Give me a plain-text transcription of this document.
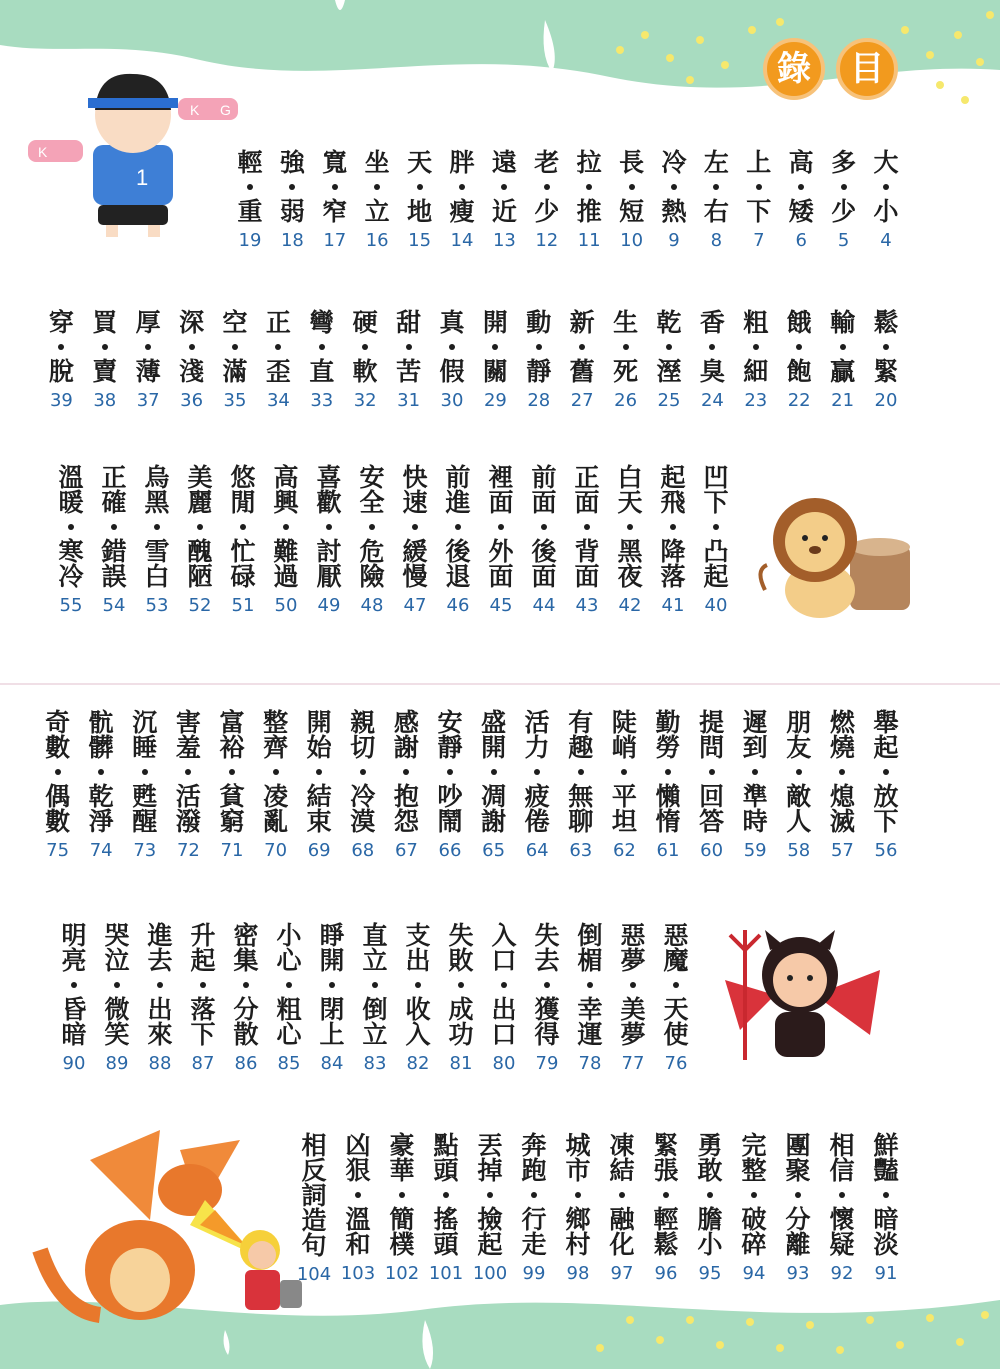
錄	目
K
K G
1
大
小
4
多
少
5
高
矮
6
上
下
7
左
右
8
冷
熱
9
長
短
10
拉
推
11
老
少
12
遠
近
13
胖
瘦
14
天
地
15
坐
立
16
寬
窄
17
強
弱
18
輕
重
19
鬆
緊
20
輸
贏
21
餓
飽
22
粗
細
23
香
臭
24
乾
溼
25
生
死
26
新
舊
27
動
靜
28
開
關
29
真
假
30
甜
苦
31
硬
軟
32
彎
直
33
正
歪
34
空
滿
35
深
淺
36
厚
薄
37
買
賣
38
穿
脫
39
凹
下
凸
起
40
起
飛
降
落
41
白
天
黑
夜
42
正
面
背
面
43
前
面
後
面
44
裡
面
外
面
45
前
進
後
退
46
快
速
緩
慢
47
安
全
危
險
48
喜
歡
討
厭
49
高
興
難
過
50
悠
閒
忙
碌
51
美
麗
醜
陋
52
烏
黑
雪
白
53
正
確
錯
誤
54
溫
暖
寒
冷
55
舉
起
放
下
56
燃
燒
熄
滅
57
朋
友
敵
人
58
遲
到
準
時
59
提
問
回
答
60
勤
勞
懶
惰
61
陡
峭
平
坦
62
有
趣
無
聊
63
活
力
疲
倦
64
盛
開
凋
謝
65
安
靜
吵
鬧
66
感
謝
抱
怨
67
親
切
冷
漠
68
開
始
結
束
69
整
齊
凌
亂
70
富
裕
貧
窮
71
害
羞
活
潑
72
沉
睡
甦
醒
73
骯
髒
乾
淨
74
奇
數
偶
數
75
惡
魔
天
使
76
惡
夢
美
夢
77
倒
楣
幸
運
78
失
去
獲
得
79
入
口
出
口
80
失
敗
成
功
81
支
出
收
入
82
直
立
倒
立
83
睜
開
閉
上
84
小
心
粗
心
85
密
集
分
散
86
升
起
落
下
87
進
去
出
來
88
哭
泣
微
笑
89
明
亮
昏
暗
90
鮮
豔
暗
淡
91
相
信
懷
疑
92
團
聚
分
離
93
完
整
破
碎
94
勇
敢
膽
小
95
緊
張
輕
鬆
96
凍
結
融
化
97
城
市
鄉
村
98
奔
跑
行
走
99
丟
掉
撿
起
100
點
頭
搖
頭
101
豪
華
簡
樸
102
凶
狠
溫
和
103
相
反
詞
造
句
104
